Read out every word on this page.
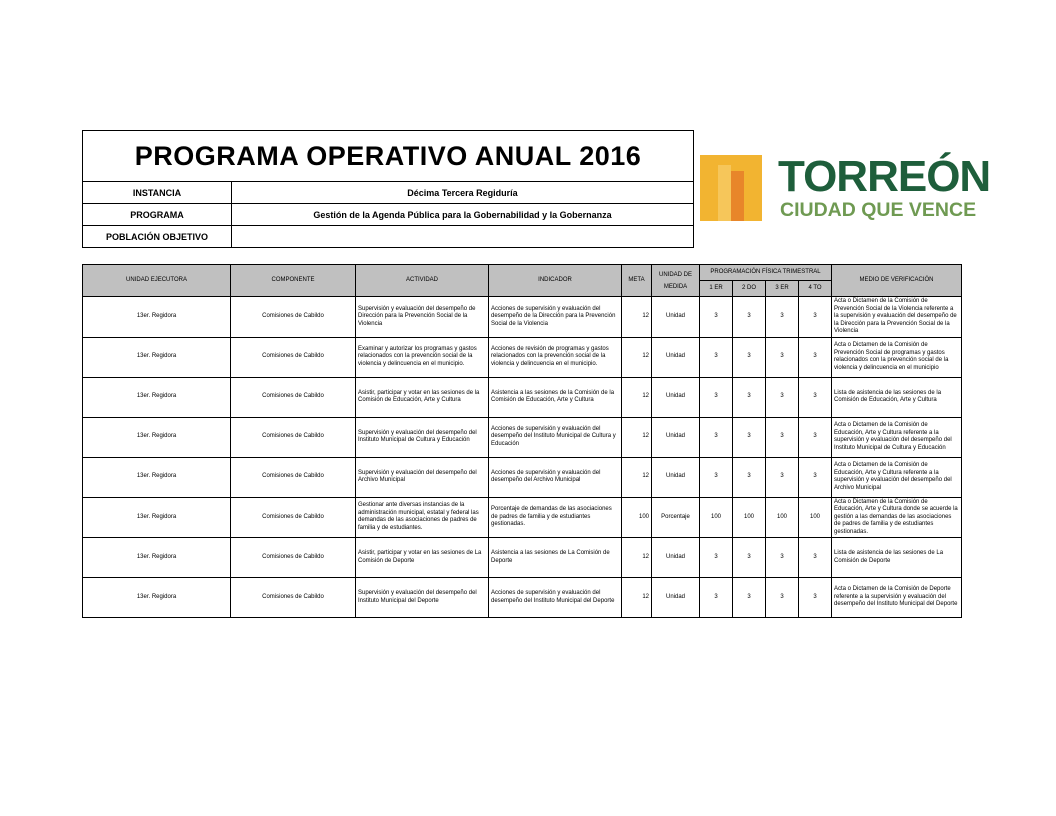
PROGRAMA OPERATIVO ANUAL 2016	
INSTANCIA	Décima Tercera Regiduría
PROGRAMA	Gestión de la Agenda Pública para la Gobernabilidad y la Gobernanza
POBLACIÓN OBJETIVO	
TORREÓN
CIUDAD QUE VENCE
UNIDAD EJECUTORA	COMPONENTE	ACTIVIDAD	INDICADOR	META	UNIDAD DE MEDIDA	PROGRAMACIÓN FÍSICA TRIMESTRAL				MEDIO DE VERIFICACIÓN
						1 ER	2 DO	3 ER	4 TO	
13er. Regidora	Comisiones de Cabildo	Supervisión y evaluación del desempeño de Dirección para la Prevención Social de la Violencia	Acciones de supervisión y evaluación del desempeño de la Dirección para la Prevención Social de la Violencia	12	Unidad	3	3	3	3	Acta o Dictamen de la Comisión de Prevención Social de la Violencia referente a la supervisión y evaluación del desempeño de la Dirección para la Prevención Social de la Violencia
13er. Regidora	Comisiones de Cabildo	Examinar y autorizar los programas y gastos relacionados con la prevención social de la violencia y delincuencia en el municipio.	Acciones de revisión de programas y gastos relacionados con la prevención social de la violencia y delincuencia en el municipio.	12	Unidad	3	3	3	3	Acta o Dictamen de la Comisión de Prevención Social de programas y gastos relacionados con la prevención social de la violencia y delincuencia en el municipio
13er. Regidora	Comisiones de Cabildo	Asistir, participar y votar en las sesiones de la Comisión de Educación, Arte y Cultura	Asistencia a las sesiones de la Comisión de la Comisión de Educación, Arte y Cultura	12	Unidad	3	3	3	3	Lista de asistencia de las sesiones de la Comisión de Educación, Arte y Cultura
13er. Regidora	Comisiones de Cabildo	Supervisión y evaluación del desempeño del Instituto Municipal de Cultura y Educación	Acciones de supervisión y evaluación del desempeño del Instituto Municipal de Cultura y Educación	12	Unidad	3	3	3	3	Acta o Dictamen de la Comisión de Educación, Arte y Cultura referente a la supervisión y evaluación del desempeño del Instituto Municipal de Cultura y Educación
13er. Regidora	Comisiones de Cabildo	Supervisión y evaluación del desempeño del Archivo Municipal	Acciones de supervisión y evaluación del desempeño del Archivo Municipal	12	Unidad	3	3	3	3	Acta o Dictamen de la Comisión de Educación, Arte y Cultura referente a la supervisión y evaluación del desempeño del Archivo Municipal
13er. Regidora	Comisiones de Cabildo	Gestionar ante diversas instancias de la administración municipal, estatal y federal las demandas de las asociaciones de padres de familia y de estudiantes.	Porcentaje de demandas de las asociaciones de padres de familia y de estudiantes gestionadas.	100	Porcentaje	100	100	100	100	Acta o Dictamen de la Comisión de Educación, Arte y Cultura donde se acuerde la gestión a las demandas de las asociaciones de padres de familia y de estudiantes gestionadas.
13er. Regidora	Comisiones de Cabildo	Asistir, participar y votar en las sesiones de La Comisión de Deporte	Asistencia a las sesiones de La Comisión de Deporte	12	Unidad	3	3	3	3	Lista de asistencia de las sesiones de La Comisión de Deporte
13er. Regidora	Comisiones de Cabildo	Supervisión y evaluación del desempeño del Instituto Municipal del Deporte	Acciones de supervisión y evaluación del desempeño del Instituto Municipal del Deporte	12	Unidad	3	3	3	3	Acta o Dictamen de la Comisión de Deporte referente a la supervisión y evaluación del desempeño del Instituto Municipal del Deporte
